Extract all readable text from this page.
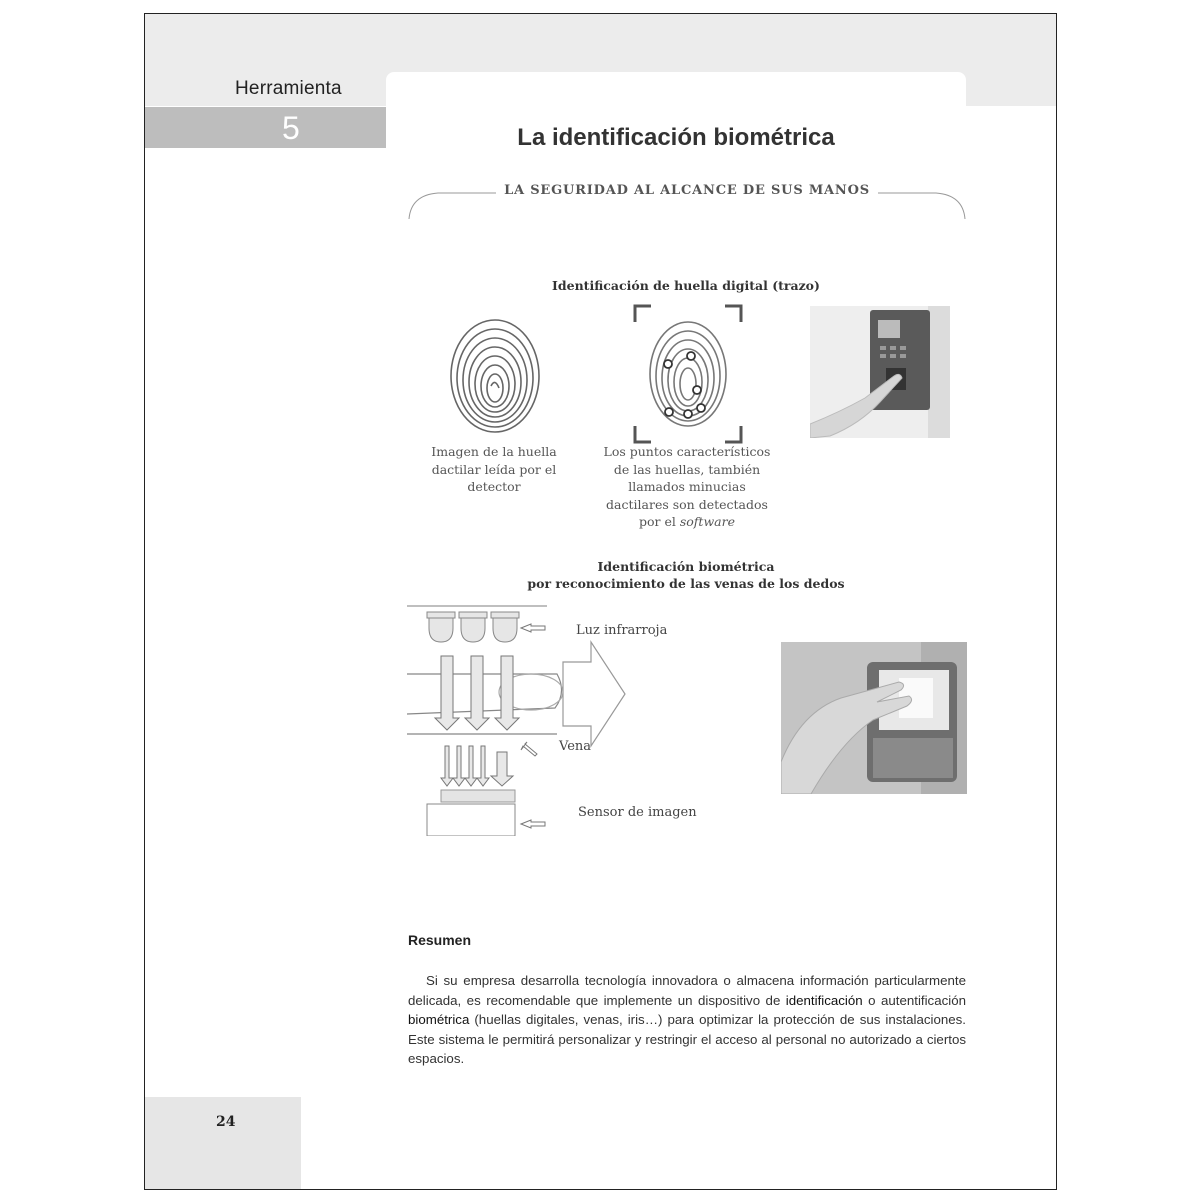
Herramienta
5	La identificación biométrica
LA SEGURIDAD AL ALCANCE DE SUS MANOS
Identificación de huella digital (trazo)
Imagen de la huella dactilar leída por el detector
Los puntos característicos de las huellas, también llamados minucias dactilares son detectados por el software
Identificación biométrica
por reconocimiento de las venas de los dedos
Luz infrarroja
Vena
Sensor de imagen
Resumen
Si su empresa desarrolla tecnología innovadora o almacena información particularmente delicada, es recomendable que implemente un dispositivo de identificación o autentificación biométrica (huellas digitales, venas, iris…) para optimizar la protección de sus instalaciones. Este sistema le permitirá personalizar y restringir el acceso al personal no autorizado a ciertos espacios.
24
